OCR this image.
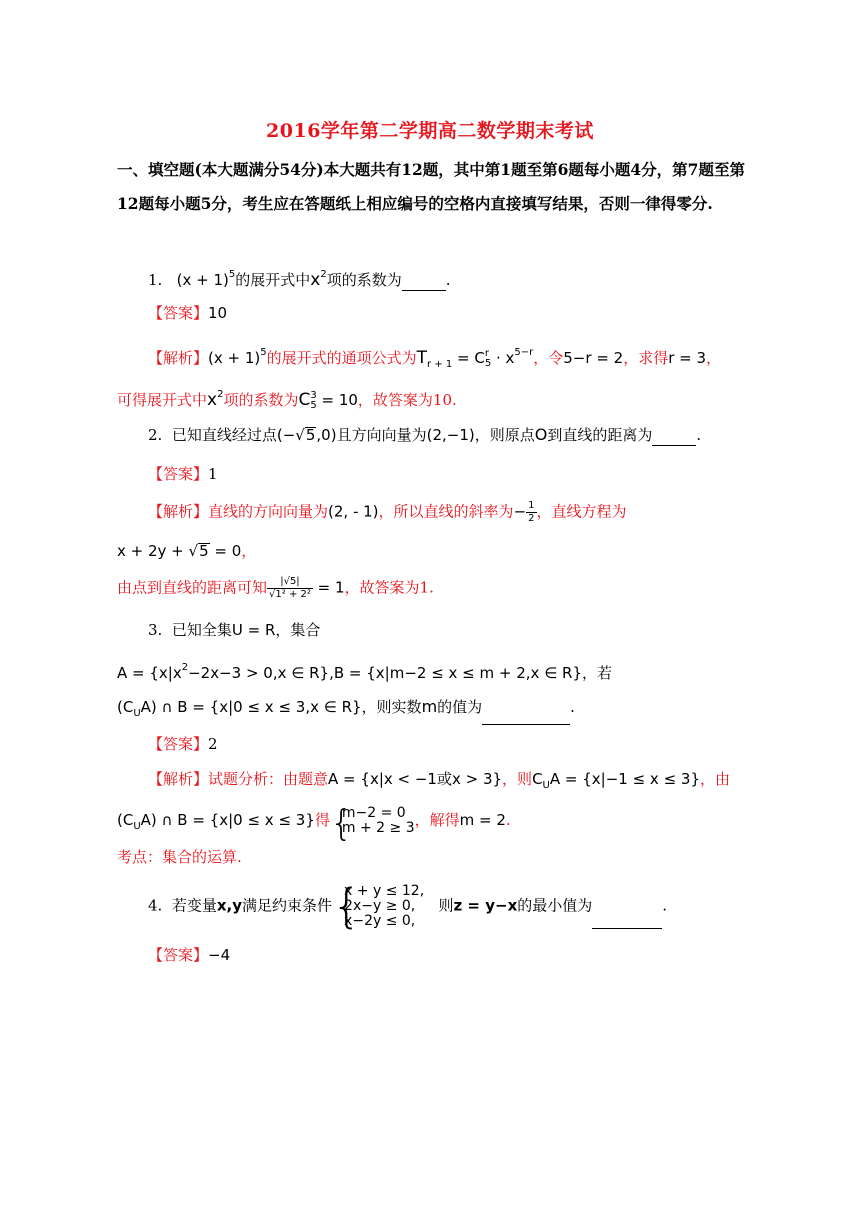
2016学年第二学期高二数学期末考试
一、填空题(本大题满分54分)本大题共有12题，其中第1题至第6题每小题4分，第7题至第12题每小题5分，考生应在答题纸上相应编号的空格内直接填写结果，否则一律得零分.
1. $(x + 1)^5$的展开式中$x^2$项的系数为	.
【答案】10
【解析】$(x + 1)^5$的展开式的通项公式为$T_{r + 1} = C$ r
$5 \cdot x^{5-r}$，令5−r = 2，求得r = 3，
可得展开式中$x^2$项的系数为C 3
5 = 10，故答案为10.
2. 已知直线经过点(−√5,0)且方向向量为(2,−1)，则原点O到直线的距离为	.
【答案】1
【解析】直线的方向向量为(2, - 1)，所以直线的斜率为− $\frac{1}{2}$ ，直线方程为
x + 2y + √5 = 0，
由点到直线的距离可知 $\frac{|√5|}{\text{√1² + 2²}} = 1$，故答案为1.
3. 已知全集U = R，集合
$A = \{x|x^2-2x-3 > 0,x$ ∈ R},B = {x|m−2 ≤ x ≤ m + 2,x ∈ R}，若
$(C_UA)$ ∩ B = {x|0 ≤ x ≤ 3,x ∈ R}，则实数m的值为	.
【答案】2
【解析】试题分析：由题意A = {x|x < −1或x > 3}，则$C_UA = \{x|-1 \le x \le 3\}$，由
$(C_UA)$ ∩ B = {x|0 ≤ x ≤ 3}得 {
m−2 = 0
m + 2 ≥ 3 ，解得m = 2.
考点：集合的运算.
4. 若变量x,y满足约束条件 {
x + y ≤ 12,
2x−y ≥ 0,
x−2y ≤ 0,
则z = y−x的最小值为	.
【答案】−4
